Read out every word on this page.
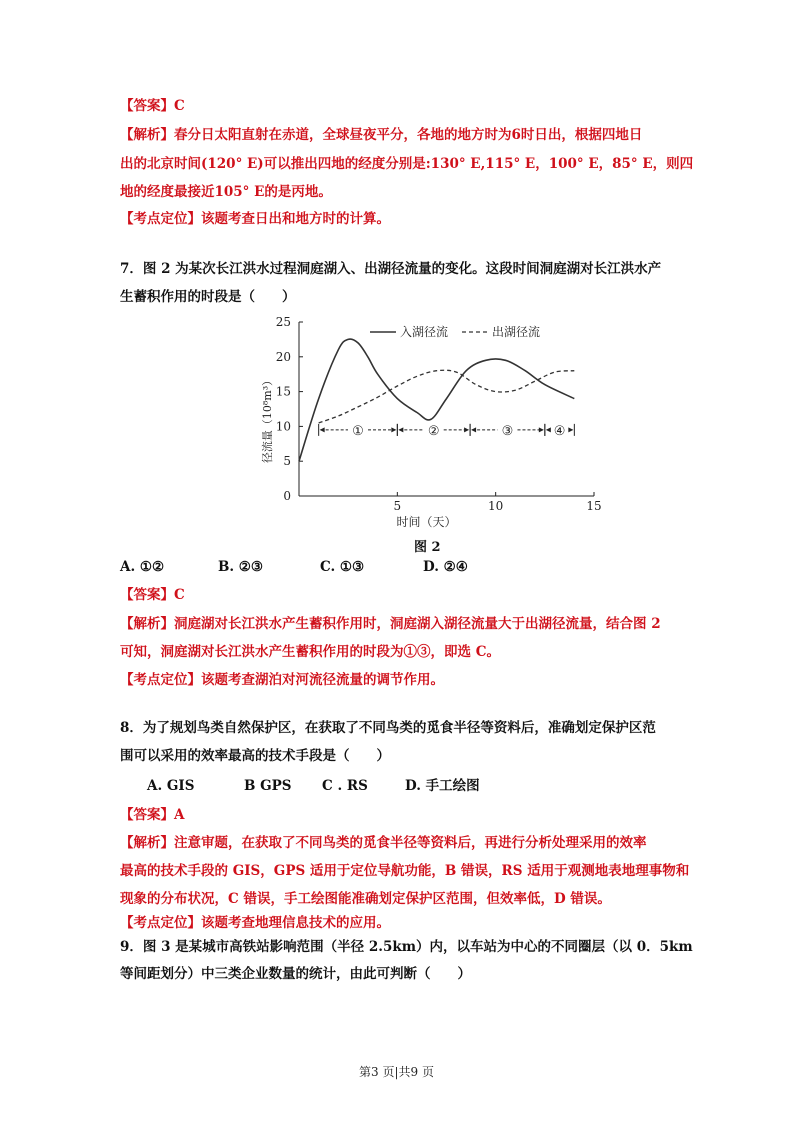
【答案】C
【解析】春分日太阳直射在赤道，全球昼夜平分，各地的地方时为6时日出，根据四地日
出的北京时间(120° E)可以推出四地的经度分别是:130° E,115° E，100° E，85° E，则四
地的经度最接近105° E的是丙地。
【考点定位】该题考查日出和地方时的计算。
7．图 2 为某次长江洪水过程洞庭湖入、出湖径流量的变化。这段时间洞庭湖对长江洪水产
生蓄积作用的时段是（　　）
0
5
10
15
20
25
5	10	15
①	②	③	④
入湖径流	出湖径流
时间（天）
径流量（10⁸m³）
图 2
A. ①②	B. ②③	C. ①③	D. ②④
【答案】C
【解析】洞庭湖对长江洪水产生蓄积作用时，洞庭湖入湖径流量大于出湖径流量，结合图 2
可知，洞庭湖对长江洪水产生蓄积作用的时段为①③，即选 C。
【考点定位】该题考查湖泊对河流径流量的调节作用。
8．为了规划鸟类自然保护区，在获取了不同鸟类的觅食半径等资料后，准确划定保护区范
围可以采用的效率最高的技术手段是（　　）
A. GIS	B GPS C . RS	D. 手工绘图
【答案】A
【解析】注意审题，在获取了不同鸟类的觅食半径等资料后，再进行分析处理采用的效率
最高的技术手段的 GIS，GPS 适用于定位导航功能，B 错误，RS 适用于观测地表地理事物和
现象的分布状况，C 错误，手工绘图能准确划定保护区范围，但效率低，D 错误。
【考点定位】该题考查地理信息技术的应用。
9．图 3 是某城市高铁站影响范围（半径 2.5km）内，以车站为中心的不同圈层（以 0．5km
等间距划分）中三类企业数量的统计，由此可判断（　　）
第3 页|共9 页
